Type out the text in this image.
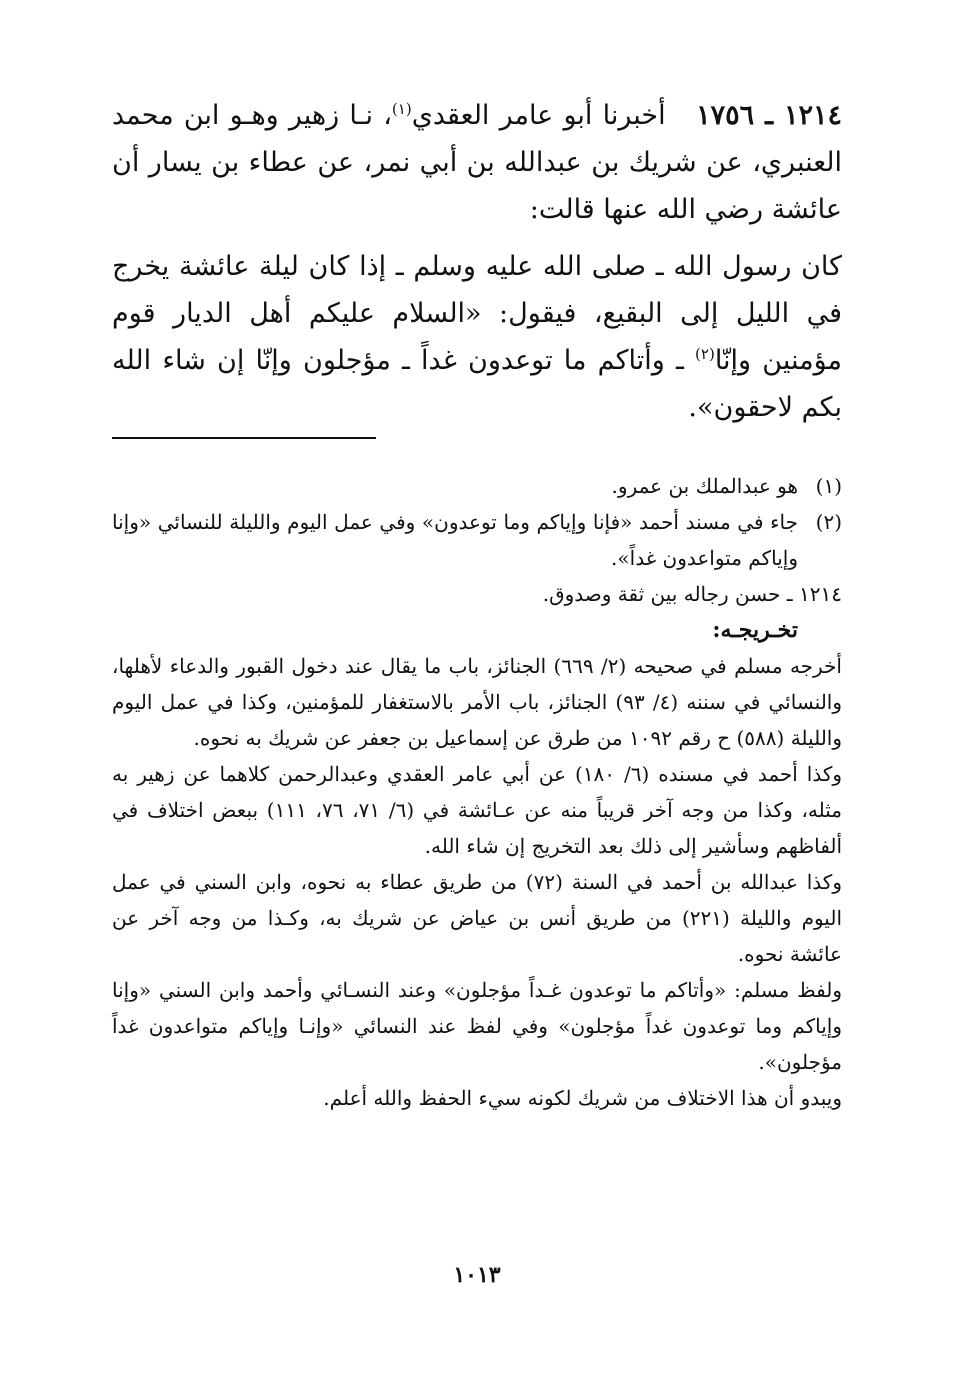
١٢١٤ ـ ١٧٥٦   أخبرنا أبو عامر العقدي$^{(١)}$، نـا زهير وهـو ابن محمد العنبري، عن شريك بن عبدالله بن أبي نمر، عن عطاء بن يسار أن عائشة رضي الله عنها قالت:

كان رسول الله ـ صلى الله عليه وسلم ـ إذا كان ليلة عائشة يخرج في الليل إلى البقيع، فيقول: «السلام عليكم أهل الديار قوم مؤمنين وإنّا$^{(٢)}$ ـ وأتاكم ما توعدون غداً ـ مؤجلون وإنّا إن شاء الله بكم لاحقون».

(١)
هو عبدالملك بن عمرو.
(٢)
جاء في مسند أحمد «فإنا وإياكم وما توعدون» وفي عمل اليوم والليلة للنسائي «وإنا وإياكم متواعدون غداً».

١٢١٤ ـ حسن رجاله بين ثقة وصدوق.

تخـريجـه:

أخرجه مسلم في صحيحه (٢/ ٦٦٩) الجنائز، باب ما يقال عند دخول القبور والدعاء لأهلها، والنسائي في سننه (٤/ ٩٣) الجنائز، باب الأمر بالاستغفار للمؤمنين، وكذا في عمل اليوم والليلة (٥٨٨) ح رقم ١٠٩٢ من طرق عن إسماعيل بن جعفر عن شريك به نحوه.

وكذا أحمد في مسنده (٦/ ١٨٠) عن أبي عامر العقدي وعبدالرحمن كلاهما عن زهير به مثله، وكذا من وجه آخر قريباً منه عن عـائشة في (٦/ ٧١، ٧٦، ١١١) ببعض اختلاف في ألفاظهم وسأشير إلى ذلك بعد التخريج إن شاء الله.

وكذا عبدالله بن أحمد في السنة (٧٢) من طريق عطاء به نحوه، وابن السني في عمل اليوم والليلة (٢٢١) من طريق أنس بن عياض عن شريك به، وكـذا من وجه آخر عن عائشة نحوه.

ولفظ مسلم: «وأتاكم ما توعدون غـداً مؤجلون» وعند النسـائي وأحمد وابن السني «وإنا وإياكم وما توعدون غداً مؤجلون» وفي لفظ عند النسائي «وإنـا وإياكم متواعدون غداً مؤجلون».

ويبدو أن هذا الاختلاف من شريك لكونه سيء الحفظ والله أعلم.

١٠١٣
